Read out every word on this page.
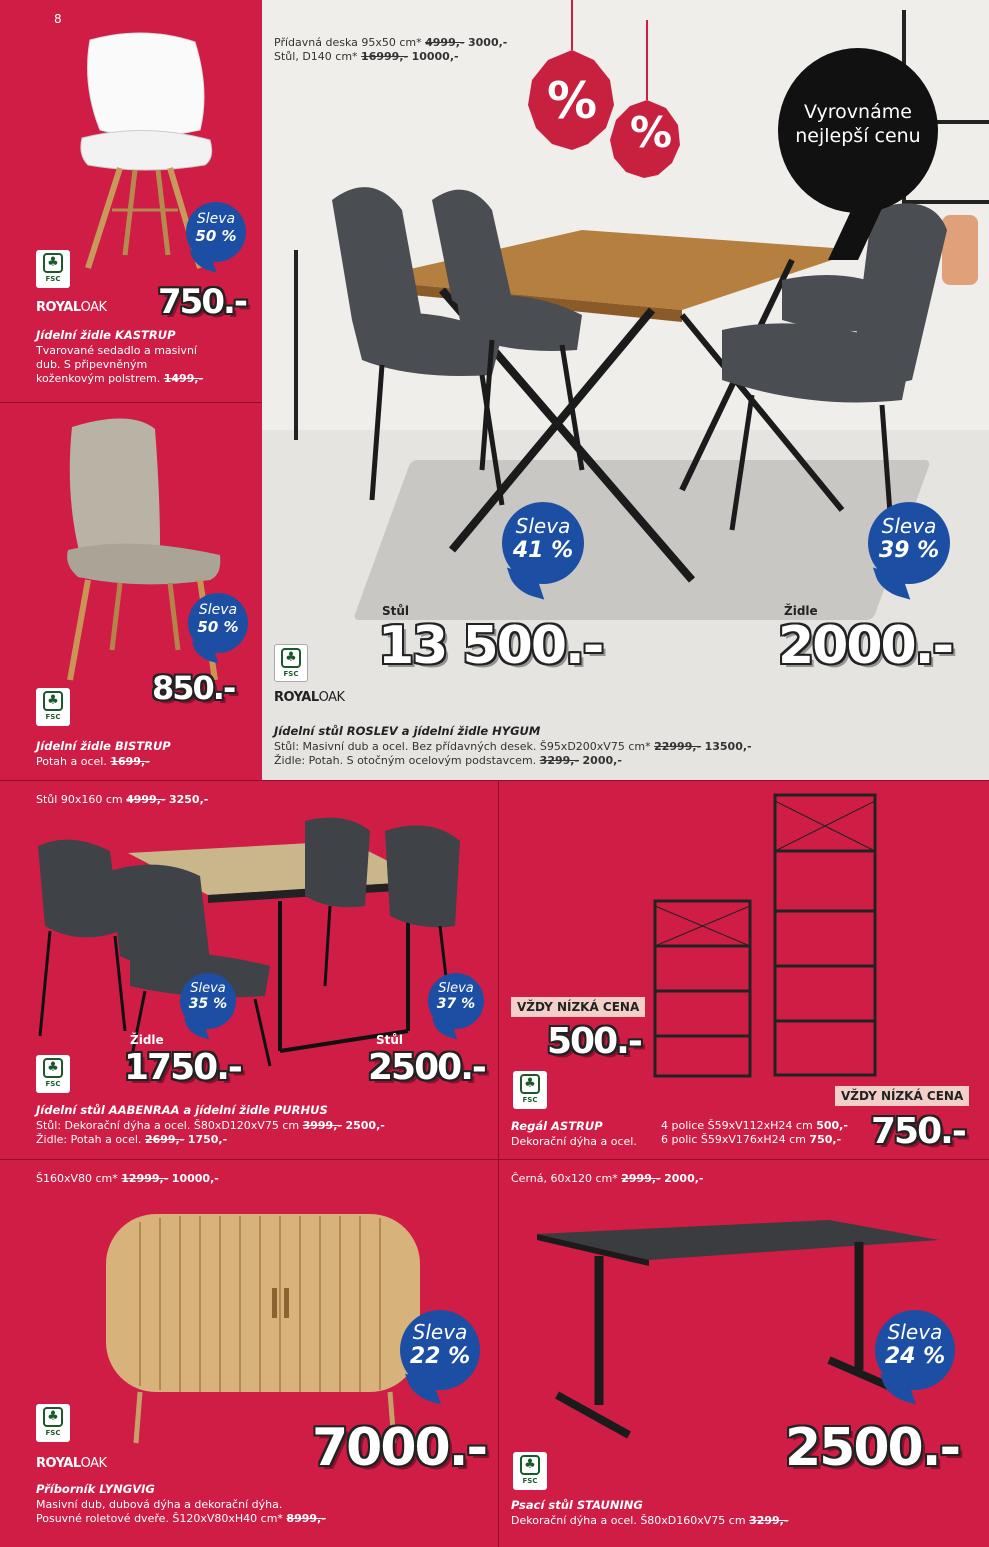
8
Sleva
50 %
♣
FSC
ROYALOAK 750.-
Jídelní židle KASTRUP
Tvarované sedadlo a masivní
dub. S připevněným
koženkovým polstrem. 1499,-
Sleva
50 %
850.-
♣
FSC
Jídelní židle BISTRUP
Potah a ocel. 1699,-
%
%	Vyrovnáme
nejlepší cenu
Přídavná deska 95x50 cm* 4999,- 3000,-
Stůl, D140 cm* 16999,- 10000,-
Sleva
41 %
Sleva
39 %
Stůl
13 500.-
Židle
2000.-
♣
FSC
ROYALOAK
Jídelní stůl ROSLEV a jídelní židle HYGUM
Stůl: Masivní dub a ocel. Bez přídavných desek. Š95xD200xV75 cm* 22999,- 13500,-
Židle: Potah. S otočným ocelovým podstavcem. 3299,- 2000,-
Stůl 90x160 cm 4999,- 3250,-
Sleva
35 %
Sleva
37 %
Židle
1750.-
Stůl
2500.-
♣
FSC
Jídelní stůl AABENRAA a jídelní židle PURHUS
Stůl: Dekorační dýha a ocel. Š80xD120xV75 cm 3999,- 2500,-
Židle: Potah a ocel. 2699,- 1750,-
VŽDY NÍZKÁ CENA
500.-
♣
FSC	VŽDY NÍZKÁ CENA
750.-
Regál ASTRUP
Dekorační dýha a ocel.
4 police Š59xV112xH24 cm 500,-
6 polic Š59xV176xH24 cm 750,-
Š160xV80 cm* 12999,- 10000,-
Sleva
22 %
♣
FSC
ROYALOAK	7000.-
Příborník LYNGVIG
Masivní dub, dubová dýha a dekorační dýha.
Posuvné roletové dveře. Š120xV80xH40 cm* 8999,-
Černá, 60x120 cm* 2999,- 2000,-
Sleva
24 %
2500.-
♣
FSC
Psací stůl STAUNING
Dekorační dýha a ocel. Š80xD160xV75 cm 3299,-
